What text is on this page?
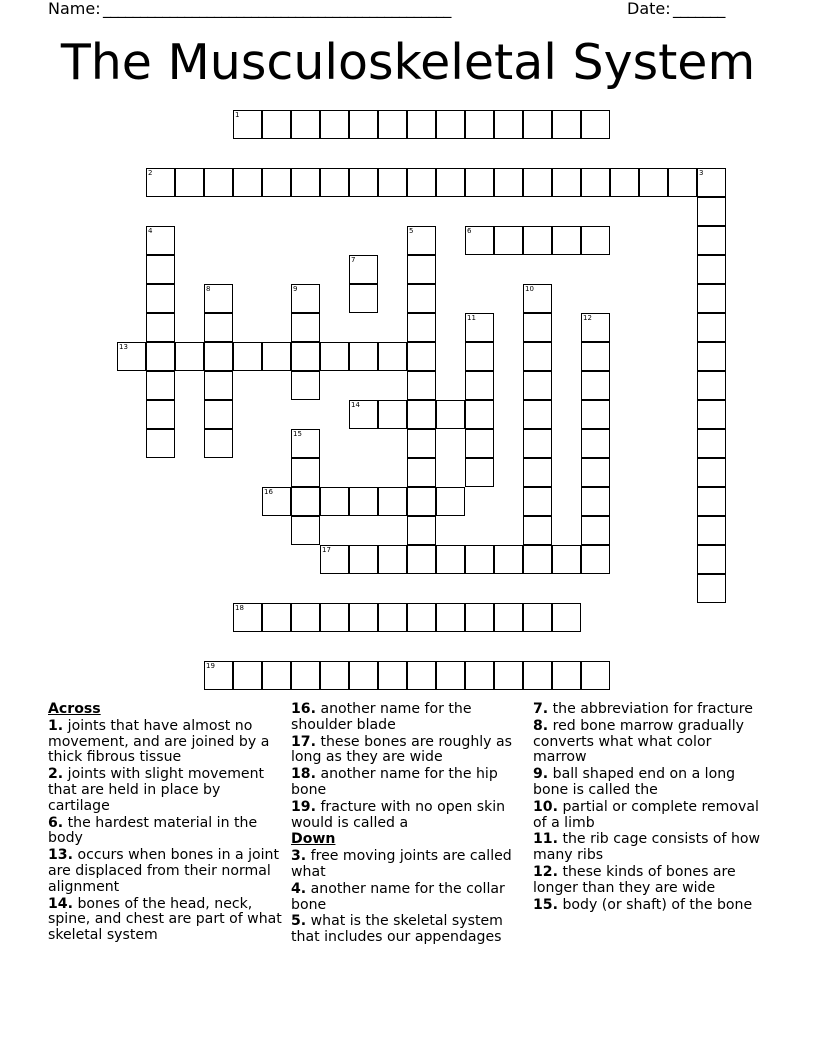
Name: _______________________________________________	Date: _______
The Musculoskeletal System
1
2	3
4	5	6
7
8	9	10
11	12
13
14
15
16
17
18
19
Across
1. joints that have almost no movement, and are joined by a thick fibrous tissue
2. joints with slight movement that are held in place by cartilage
6. the hardest material in the body
13. occurs when bones in a joint are displaced from their normal alignment
14. bones of the head, neck, spine, and chest are part of what skeletal system
16. another name for the shoulder blade
17. these bones are roughly as long as they are wide
18. another name for the hip bone
19. fracture with no open skin would is called a
Down
3. free moving joints are called what
4. another name for the collar bone
5. what is the skeletal system that includes our appendages
7. the abbreviation for fracture
8. red bone marrow gradually converts what what color marrow
9. ball shaped end on a long bone is called the
10. partial or complete removal of a limb
11. the rib cage consists of how many ribs
12. these kinds of bones are longer than they are wide
15. body (or shaft) of the bone
